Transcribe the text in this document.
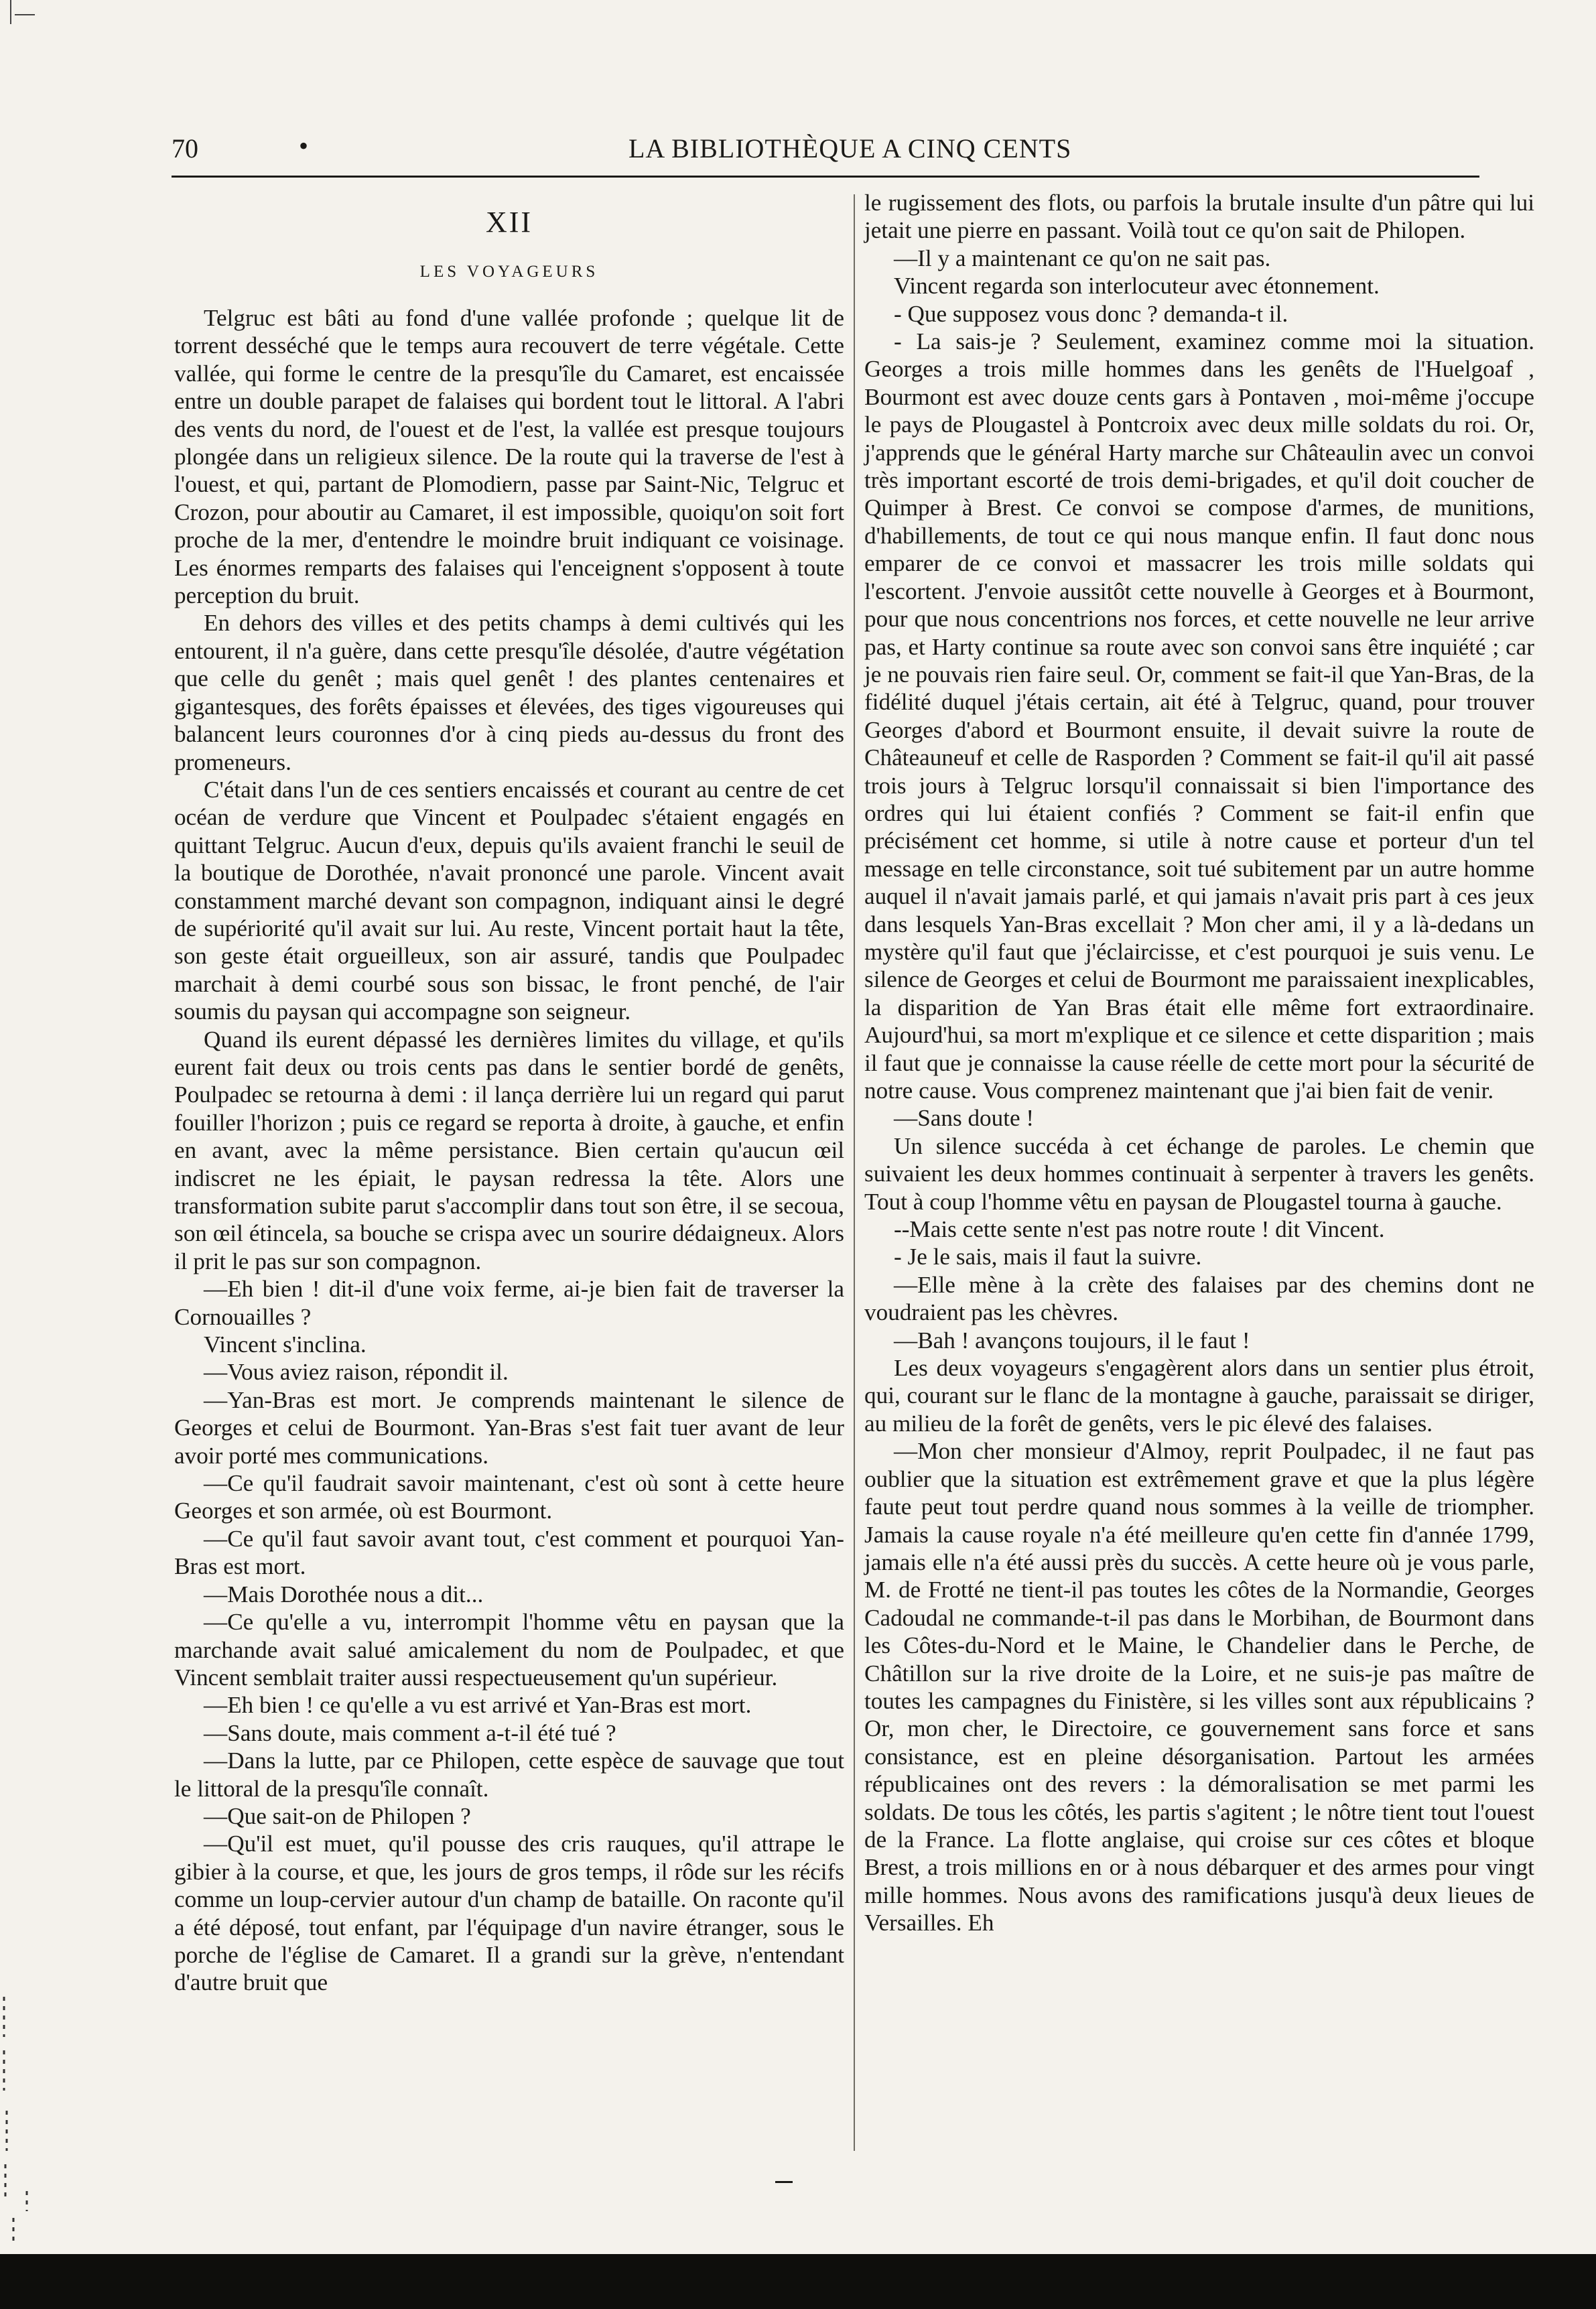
70	•	LA BIBLIOTHÈQUE A CINQ CENTS
XII
LES VOYAGEURS

Telgruc est bâti au fond d'une vallée profonde ; quelque lit de torrent desséché que le temps aura recouvert de terre végétale. Cette vallée, qui forme le centre de la presqu'île du Camaret, est encaissée entre un double parapet de falaises qui bordent tout le littoral. A l'abri des vents du nord, de l'ouest et de l'est, la vallée est presque toujours plongée dans un religieux silence. De la route qui la traverse de l'est à l'ouest, et qui, partant de Plomodiern, passe par Saint-Nic, Telgruc et Crozon, pour aboutir au Camaret, il est impossible, quoiqu'on soit fort proche de la mer, d'entendre le moindre bruit indiquant ce voisinage. Les énormes remparts des falaises qui l'enceignent s'opposent à toute perception du bruit.

En dehors des villes et des petits champs à demi cultivés qui les entourent, il n'a guère, dans cette presqu'île désolée, d'autre végétation que celle du genêt ; mais quel genêt ! des plantes centenaires et gigantesques, des forêts épaisses et élevées, des tiges vigoureuses qui balancent leurs couronnes d'or à cinq pieds au-dessus du front des promeneurs.

C'était dans l'un de ces sentiers encaissés et courant au centre de cet océan de verdure que Vincent et Poulpadec s'étaient engagés en quittant Telgruc. Aucun d'eux, depuis qu'ils avaient franchi le seuil de la boutique de Dorothée, n'avait prononcé une parole. Vincent avait constamment marché devant son compagnon, indiquant ainsi le degré de supériorité qu'il avait sur lui. Au reste, Vincent portait haut la tête, son geste était orgueilleux, son air assuré, tandis que Poulpadec marchait à demi courbé sous son bissac, le front penché, de l'air soumis du paysan qui accompagne son seigneur.

Quand ils eurent dépassé les dernières limites du village, et qu'ils eurent fait deux ou trois cents pas dans le sentier bordé de genêts, Poulpadec se retourna à demi : il lança derrière lui un regard qui parut fouiller l'horizon ; puis ce regard se reporta à droite, à gauche, et enfin en avant, avec la même persistance. Bien certain qu'aucun œil indiscret ne les épiait, le paysan redressa la tête. Alors une transformation subite parut s'accomplir dans tout son être, il se secoua, son œil étincela, sa bouche se crispa avec un sourire dédaigneux. Alors il prit le pas sur son compagnon.

—Eh bien ! dit-il d'une voix ferme, ai-je bien fait de traverser la Cornouailles ?

Vincent s'inclina.

—Vous aviez raison, répondit il.

—Yan-Bras est mort. Je comprends maintenant le silence de Georges et celui de Bourmont. Yan-Bras s'est fait tuer avant de leur avoir porté mes communications.

—Ce qu'il faudrait savoir maintenant, c'est où sont à cette heure Georges et son armée, où est Bourmont.

—Ce qu'il faut savoir avant tout, c'est comment et pourquoi Yan-Bras est mort.

—Mais Dorothée nous a dit...

—Ce qu'elle a vu, interrompit l'homme vêtu en paysan que la marchande avait salué amicalement du nom de Poulpadec, et que Vincent semblait traiter aussi respectueusement qu'un supérieur.

—Eh bien ! ce qu'elle a vu est arrivé et Yan-Bras est mort.

—Sans doute, mais comment a-t-il été tué ?

—Dans la lutte, par ce Philopen, cette espèce de sauvage que tout le littoral de la presqu'île connaît.

—Que sait-on de Philopen ?

—Qu'il est muet, qu'il pousse des cris rauques, qu'il attrape le gibier à la course, et que, les jours de gros temps, il rôde sur les récifs comme un loup-cervier autour d'un champ de bataille. On raconte qu'il a été déposé, tout enfant, par l'équipage d'un navire étranger, sous le porche de l'église de Camaret. Il a grandi sur la grève, n'entendant d'autre bruit que

le rugissement des flots, ou parfois la brutale insulte d'un pâtre qui lui jetait une pierre en passant. Voilà tout ce qu'on sait de Philopen.

—Il y a maintenant ce qu'on ne sait pas.

Vincent regarda son interlocuteur avec étonnement.

- Que supposez vous donc ? demanda-t il.

- La sais-je ? Seulement, examinez comme moi la situation. Georges a trois mille hommes dans les genêts de l'Huelgoaf , Bourmont est avec douze cents gars à Pontaven , moi-même j'occupe le pays de Plougastel à Pontcroix avec deux mille soldats du roi. Or, j'apprends que le général Harty marche sur Châteaulin avec un convoi très important escorté de trois demi-brigades, et qu'il doit coucher de Quimper à Brest. Ce convoi se compose d'armes, de munitions, d'habillements, de tout ce qui nous manque enfin. Il faut donc nous emparer de ce convoi et massacrer les trois mille soldats qui l'escortent. J'envoie aussitôt cette nouvelle à Georges et à Bourmont, pour que nous concentrions nos forces, et cette nouvelle ne leur arrive pas, et Harty continue sa route avec son convoi sans être inquiété ; car je ne pouvais rien faire seul. Or, comment se fait-il que Yan-Bras, de la fidélité duquel j'étais certain, ait été à Telgruc, quand, pour trouver Georges d'abord et Bourmont ensuite, il devait suivre la route de Châteauneuf et celle de Rasporden ? Comment se fait-il qu'il ait passé trois jours à Telgruc lorsqu'il connaissait si bien l'importance des ordres qui lui étaient confiés ? Comment se fait-il enfin que précisément cet homme, si utile à notre cause et porteur d'un tel message en telle circonstance, soit tué subitement par un autre homme auquel il n'avait jamais parlé, et qui jamais n'avait pris part à ces jeux dans lesquels Yan-Bras excellait ? Mon cher ami, il y a là-dedans un mystère qu'il faut que j'éclaircisse, et c'est pourquoi je suis venu. Le silence de Georges et celui de Bourmont me paraissaient inexplicables, la disparition de Yan Bras était elle même fort extraordinaire. Aujourd'hui, sa mort m'explique et ce silence et cette disparition ; mais il faut que je connaisse la cause réelle de cette mort pour la sécurité de notre cause. Vous comprenez maintenant que j'ai bien fait de venir.

—Sans doute !

Un silence succéda à cet échange de paroles. Le chemin que suivaient les deux hommes continuait à serpenter à travers les genêts. Tout à coup l'homme vêtu en paysan de Plougastel tourna à gauche.

--Mais cette sente n'est pas notre route ! dit Vincent.

- Je le sais, mais il faut la suivre.

—Elle mène à la crète des falaises par des chemins dont ne voudraient pas les chèvres.

—Bah ! avançons toujours, il le faut !

Les deux voyageurs s'engagèrent alors dans un sentier plus étroit, qui, courant sur le flanc de la montagne à gauche, paraissait se diriger, au milieu de la forêt de genêts, vers le pic élevé des falaises.

—Mon cher monsieur d'Almoy, reprit Poulpadec, il ne faut pas oublier que la situation est extrêmement grave et que la plus légère faute peut tout perdre quand nous sommes à la veille de triompher. Jamais la cause royale n'a été meilleure qu'en cette fin d'année 1799, jamais elle n'a été aussi près du succès. A cette heure où je vous parle, M. de Frotté ne tient-il pas toutes les côtes de la Normandie, Georges Cadoudal ne commande-t-il pas dans le Morbihan, de Bourmont dans les Côtes-du-Nord et le Maine, le Chandelier dans le Perche, de Châtillon sur la rive droite de la Loire, et ne suis-je pas maître de toutes les campagnes du Finistère, si les villes sont aux républicains ? Or, mon cher, le Directoire, ce gouvernement sans force et sans consistance, est en pleine désorganisation. Partout les armées républicaines ont des revers : la démoralisation se met parmi les soldats. De tous les côtés, les partis s'agitent ; le nôtre tient tout l'ouest de la France. La flotte anglaise, qui croise sur ces côtes et bloque Brest, a trois millions en or à nous débarquer et des armes pour vingt mille hommes. Nous avons des ramifications jusqu'à deux lieues de Versailles. Eh
